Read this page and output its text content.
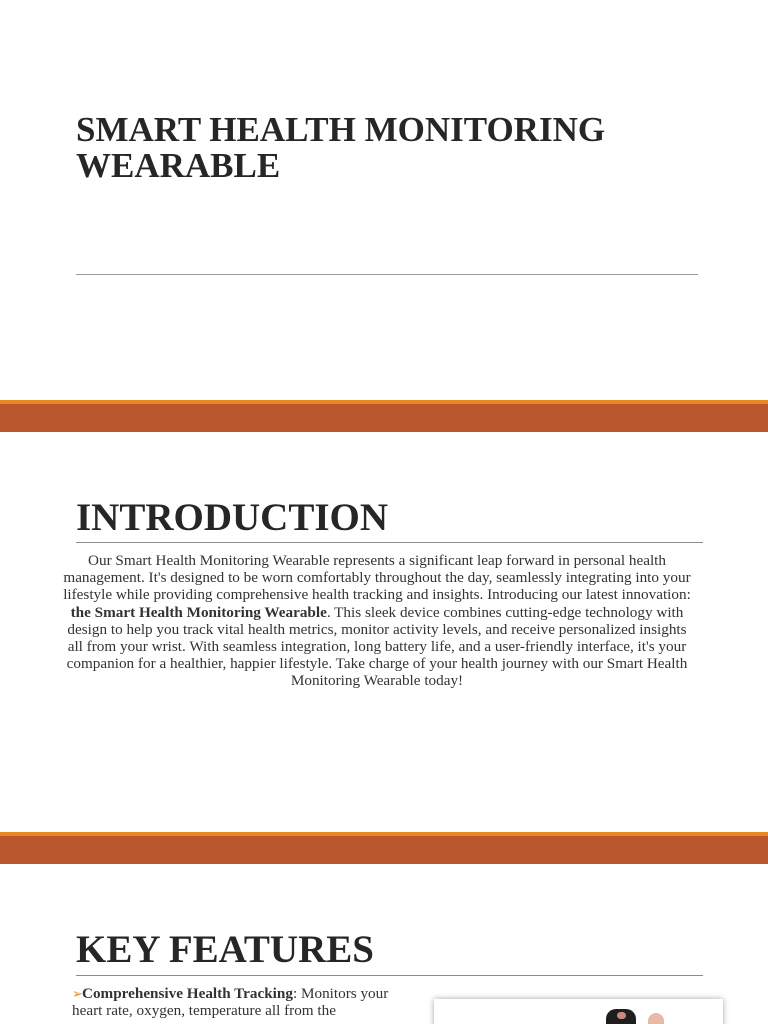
SMART HEALTH MONITORING
WEARABLE
INTRODUCTION

Our Smart Health Monitoring Wearable represents a significant leap forward in personal health management. It's designed to be worn comfortably throughout the day, seamlessly integrating into your lifestyle while providing comprehensive health tracking and insights. Introducing our latest innovation: the Smart Health Monitoring Wearable. This sleek device combines cutting-edge technology with design to help you track vital health metrics, monitor activity levels, and receive personalized insights all from your wrist. With seamless integration, long battery life, and a user-friendly interface, it's your companion for a healthier, happier lifestyle. Take charge of your health journey with our Smart Health Monitoring Wearable today!

KEY FEATURES

➢Comprehensive Health Tracking: Monitors your heart rate, oxygen, temperature all from the
